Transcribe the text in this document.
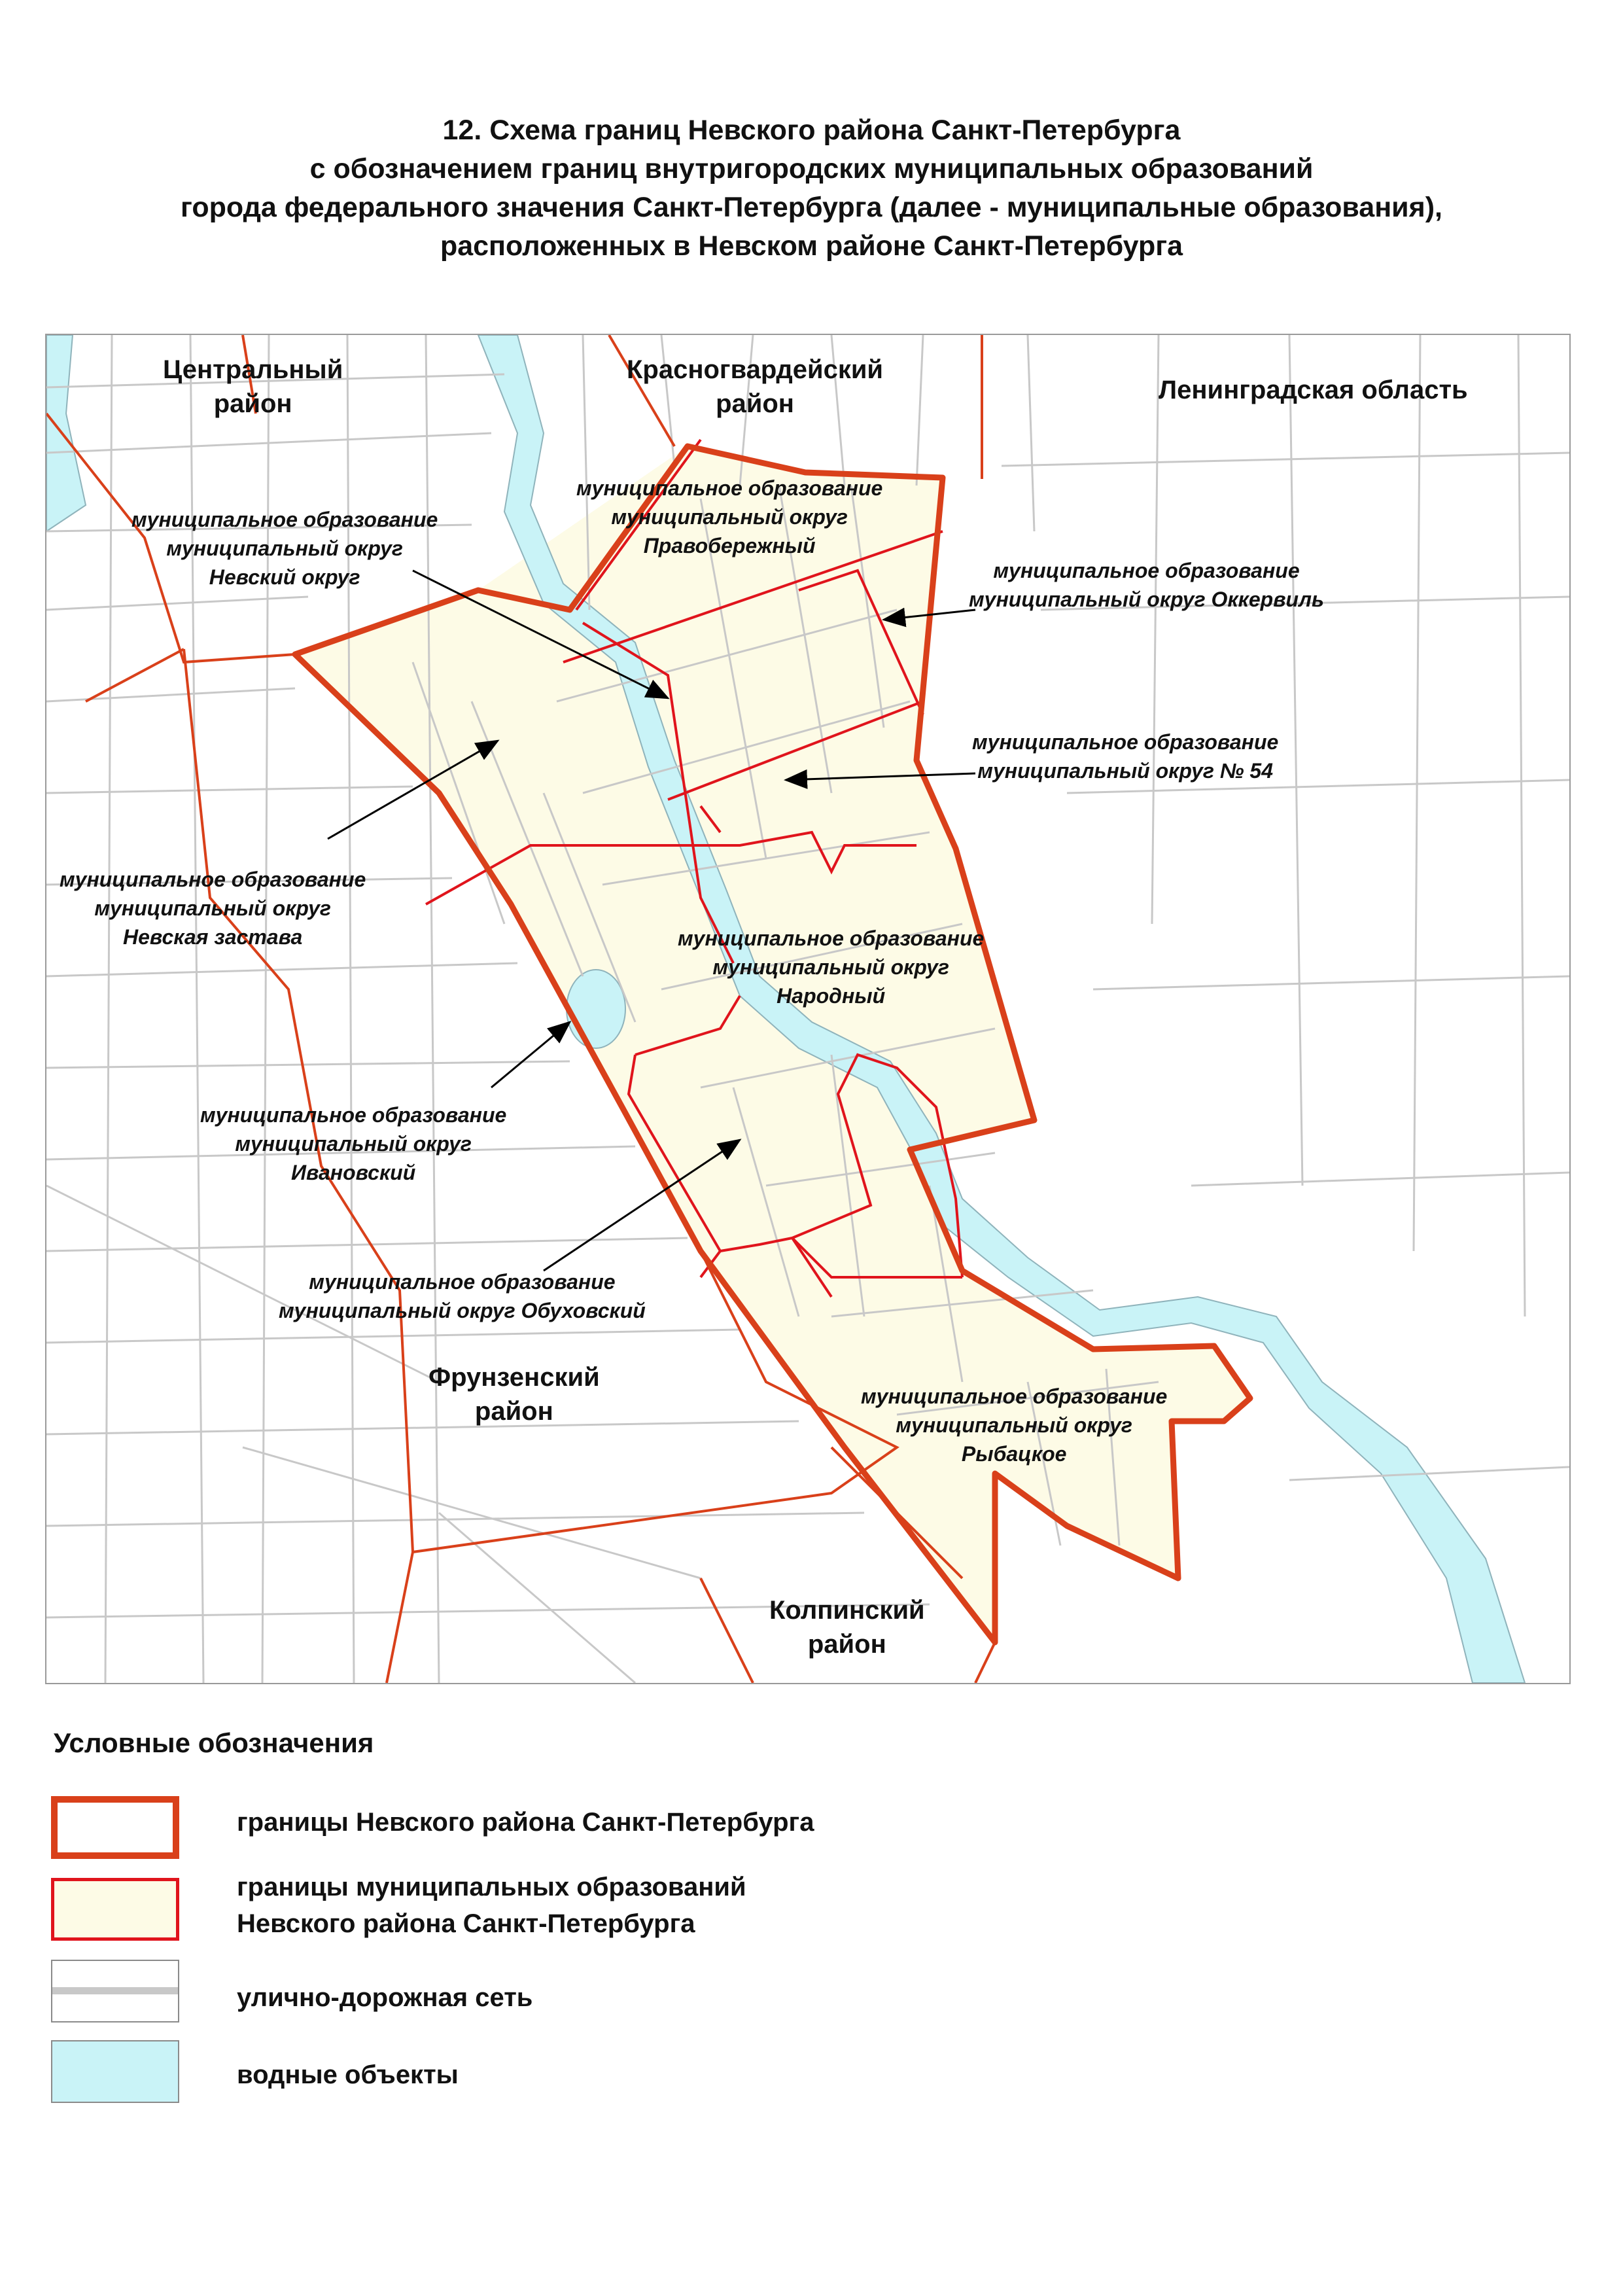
12. Схема границ Невского района Санкт-Петербурга
с обозначением границ внутригородских муниципальных образований
города федерального значения Санкт-Петербурга (далее - муниципальные образования),
расположенных в Невском районе Санкт-Петербурга
Центральный
район
Красногвардейский
район	Ленинградская область
Фрунзенский
район
Колпинский
район
муниципальное образование
муниципальный округ
Правобережный
муниципальное образование
муниципальный округ
Невский округ	муниципальное образование
муниципальный округ Оккервиль
муниципальное образование
муниципальный округ № 54
муниципальное образование
муниципальный округ
Невская застава	муниципальное образование
муниципальный округ
Народный
муниципальное образование
муниципальный округ
Ивановский
муниципальное образование
муниципальный округ Обуховский
муниципальное образование
муниципальный округ
Рыбацкое
Условные обозначения
границы Невского района Санкт-Петербурга
границы муниципальных образований
Невского района Санкт-Петербурга
улично-дорожная сеть
водные объекты
